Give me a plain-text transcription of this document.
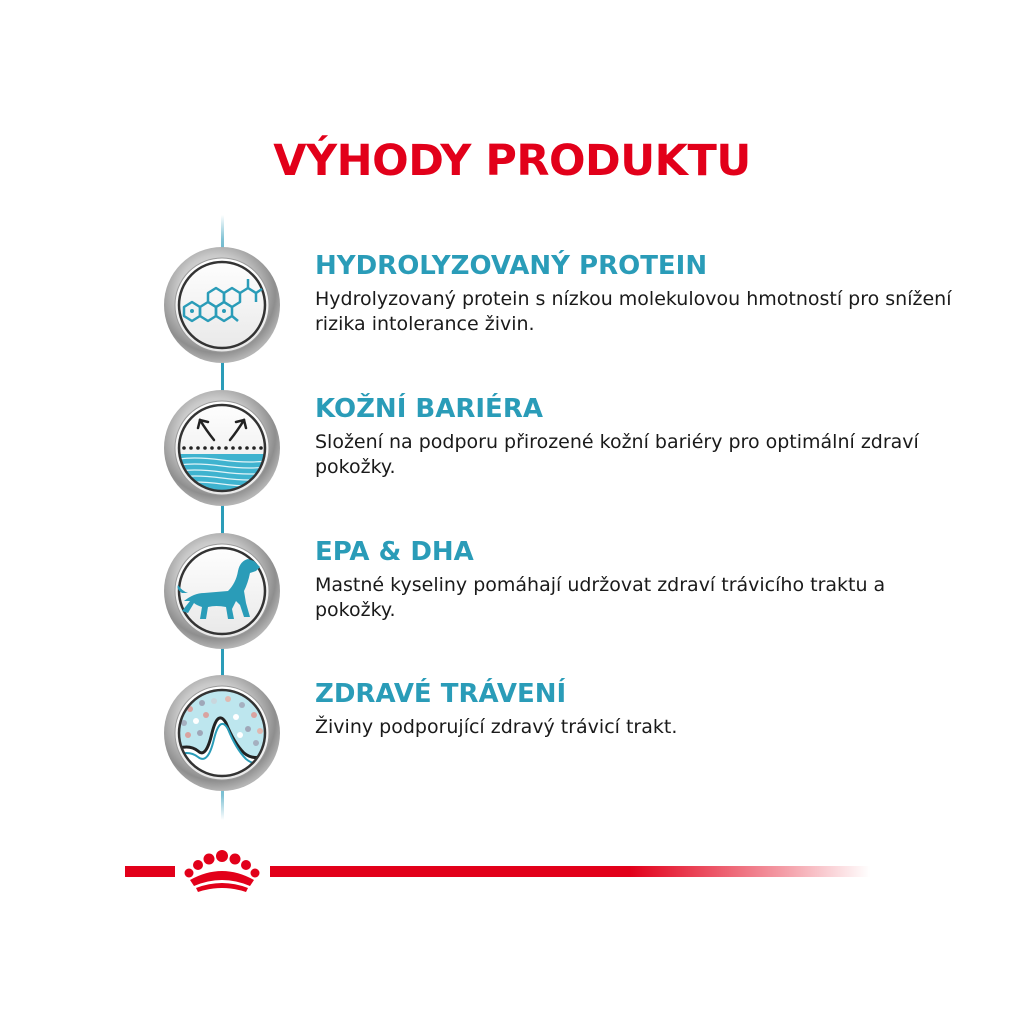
VÝHODY PRODUKTU
HYDROLYZOVANÝ PROTEIN

Hydrolyzovaný protein s nízkou molekulovou hmotností pro snížení rizika intolerance živin.

KOŽNÍ BARIÉRA

Složení na podporu přirozené kožní bariéry pro optimální zdraví pokožky.

EPA & DHA

Mastné kyseliny pomáhají udržovat zdraví trávicího traktu a pokožky.

ZDRAVÉ TRÁVENÍ

Živiny podporující zdravý trávicí trakt.
